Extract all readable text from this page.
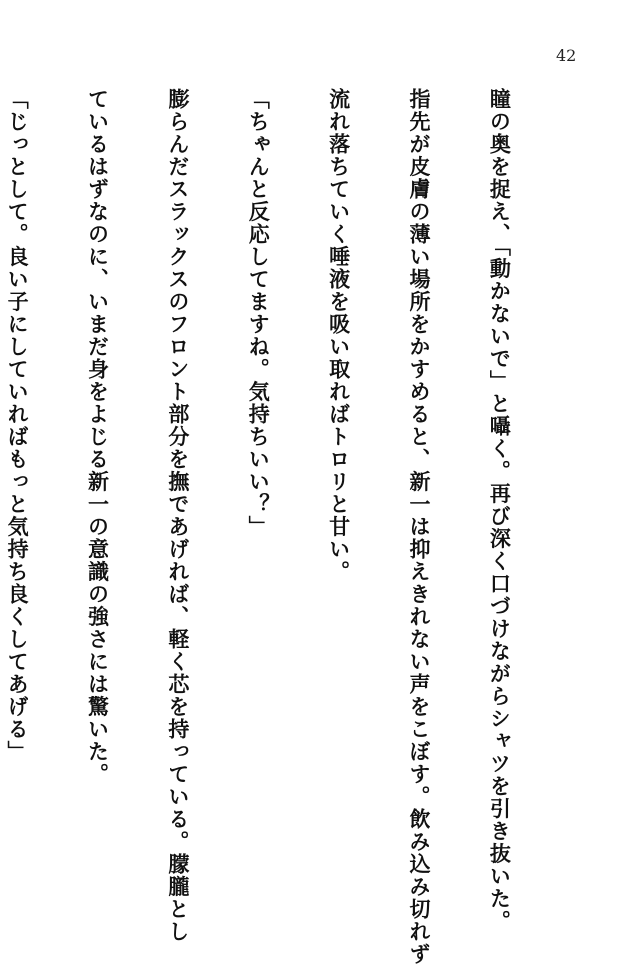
42

瞳の奥を捉え、「動かないで」と囁く。再び深く口づけながらシャツを引き抜いた。

指先が皮膚の薄い場所をかすめると、新一は抑えきれない声をこぼす。飲み込み切れず

流れ落ちていく唾液を吸い取ればトロリと甘い。

「ちゃんと反応してますね。気持ちいい？」

膨らんだスラックスのフロント部分を撫であげれば、軽く芯を持っている。朦朧とし

ているはずなのに、いまだ身をよじる新一の意識の強さには驚いた。

「じっとして。良い子にしていればもっと気持ち良くしてあげる」
